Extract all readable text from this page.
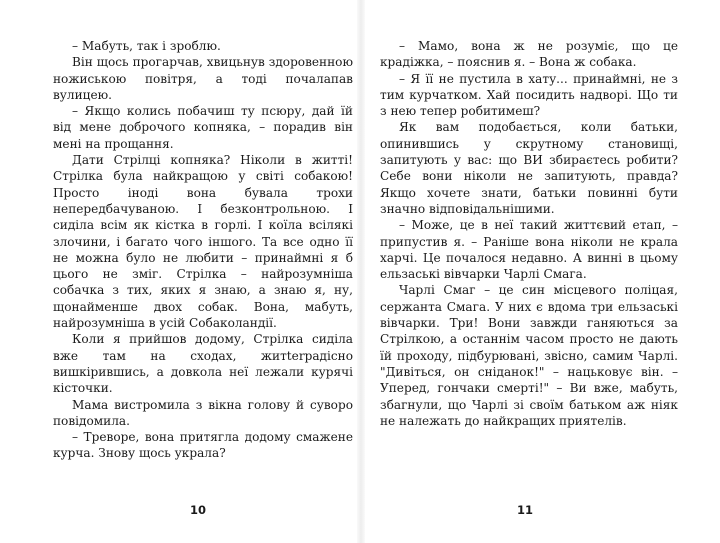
– Мабуть, так і зроблю.

Він щось прогарчав, хвицьнув здоровенною ножиською повітря, а тоді почалапав вулицею.

– Якщо колись побачиш ту псюру, дай їй від мене доброчого копняка, – порадив він мені на прощання.

Дати Стрілці копняка? Ніколи в житті! Стрілка була найкращою у світі собакою! Просто іноді вона бувала трохи непередбачуваною. І безконтрольною. І сиділа всім як кістка в горлі. І коїла всілякі злочини, і багато чого іншого. Та все одно її не можна було не любити – принаймні я б цього не зміг. Стрілка – найрозумніша собачка з тих, яких я знаю, а знаю я, ну, щонайменше двох собак. Вона, мабуть, найрозумніша в усій Собаколандії.

Коли я прийшов додому, Стрілка сиділа вже там на сходах, житterрадісно вишкірившись, а довкола неї лежали курячі кісточки.

Мама вистромила з вікна голову й суворо повідомила.

– Треворе, вона притягла додому смажене курча. Знову щось украла?

10

– Мамо, вона ж не розуміє, що це крадіжка, – пояснив я. – Вона ж собака.

– Я її не пустила в хату... принаймні, не з тим курчатком. Хай посидить надворі. Що ти з нею тепер робитимеш?

Як вам подобається, коли батьки, опинившись у скрутному становищі, запитують у вас: що ВИ збираєтесь робити? Себе вони ніколи не запитують, правда? Якщо хочете знати, батьки повинні бути значно відповідальнішими.

– Може, це в неї такий життєвий етап, – припустив я. – Раніше вона ніколи не крала харчі. Це почалося недавно. А винні в цьому ельзаські вівчарки Чарлі Смага.

Чарлі Смаг – це син місцевого поліцая, сержанта Смага. У них є вдома три ельзаські вівчарки. Три! Вони завжди ганяються за Стрілкою, а останнім часом просто не дають їй проходу, підбурювані, звісно, самим Чарлі. "Дивіться, он сніданок!" – нацьковує він. – Уперед, гончаки смерті!" – Ви вже, мабуть, збагнули, що Чарлі зі своїм батьком аж ніяк не належать до найкращих приятелів.

11
